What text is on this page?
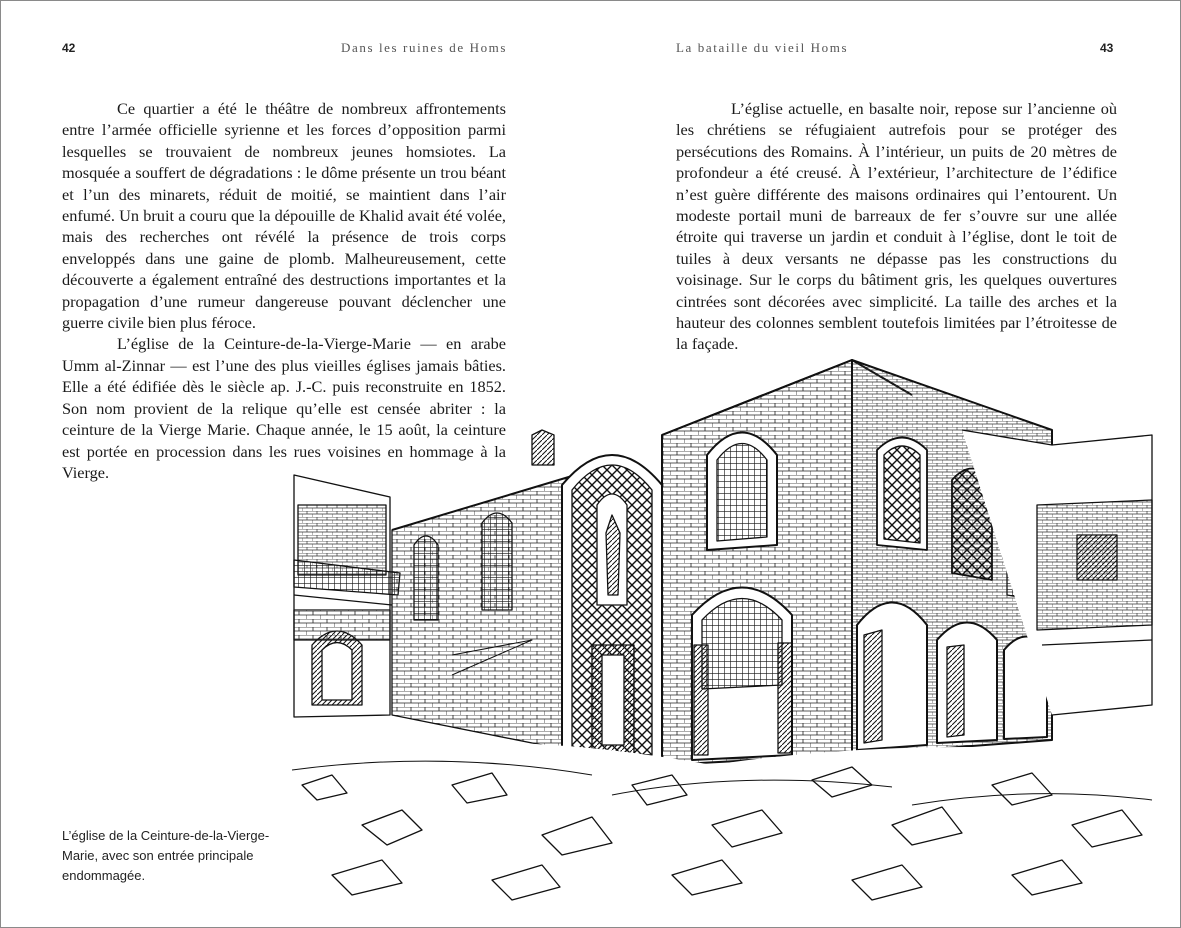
42	Dans les ruines de Homs	La bataille du vieil Homs	43

Ce quartier a été le théâtre de nombreux affrontements entre l’armée officielle syrienne et les forces d’opposition parmi lesquelles se trouvaient de nombreux jeunes homsiotes. La mosquée a souffert de dégradations : le dôme présente un trou béant et l’un des minarets, réduit de moitié, se maintient dans l’air enfumé. Un bruit a couru que la dépouille de Khalid avait été volée, mais des recherches ont révélé la présence de trois corps enveloppés dans une gaine de plomb. Malheureusement, cette découverte a également entraîné des destructions importantes et la propagation d’une rumeur dangereuse pouvant déclencher une guerre civile bien plus féroce.

L’église de la Ceinture-de-la-Vierge-Marie — en arabe Umm al-Zinnar — est l’une des plus vieilles églises jamais bâties. Elle a été édifiée dès le siècle ap. J.-C. puis reconstruite en 1852. Son nom provient de la relique qu’elle est censée abriter : la ceinture de la Vierge Marie. Chaque année, le 15 août, la ceinture est portée en procession dans les rues voisines en hommage à la Vierge.

L’église actuelle, en basalte noir, repose sur l’ancienne où les chrétiens se réfugiaient autrefois pour se protéger des persécutions des Romains. À l’intérieur, un puits de 20 mètres de profondeur a été creusé. À l’extérieur, l’architecture de l’édifice n’est guère différente des maisons ordinaires qui l’entourent. Un modeste portail muni de barreaux de fer s’ouvre sur une allée étroite qui traverse un jardin et conduit à l’église, dont le toit de tuiles à deux versants ne dépasse pas les constructions du voisinage. Sur le corps du bâtiment gris, les quelques ouvertures cintrées sont décorées avec simplicité. La taille des arches et la hauteur des colonnes semblent toutefois limitées par l’étroitesse de la façade.

L’église de la Ceinture-de-la-Vierge-Marie, avec son entrée principale endommagée.
